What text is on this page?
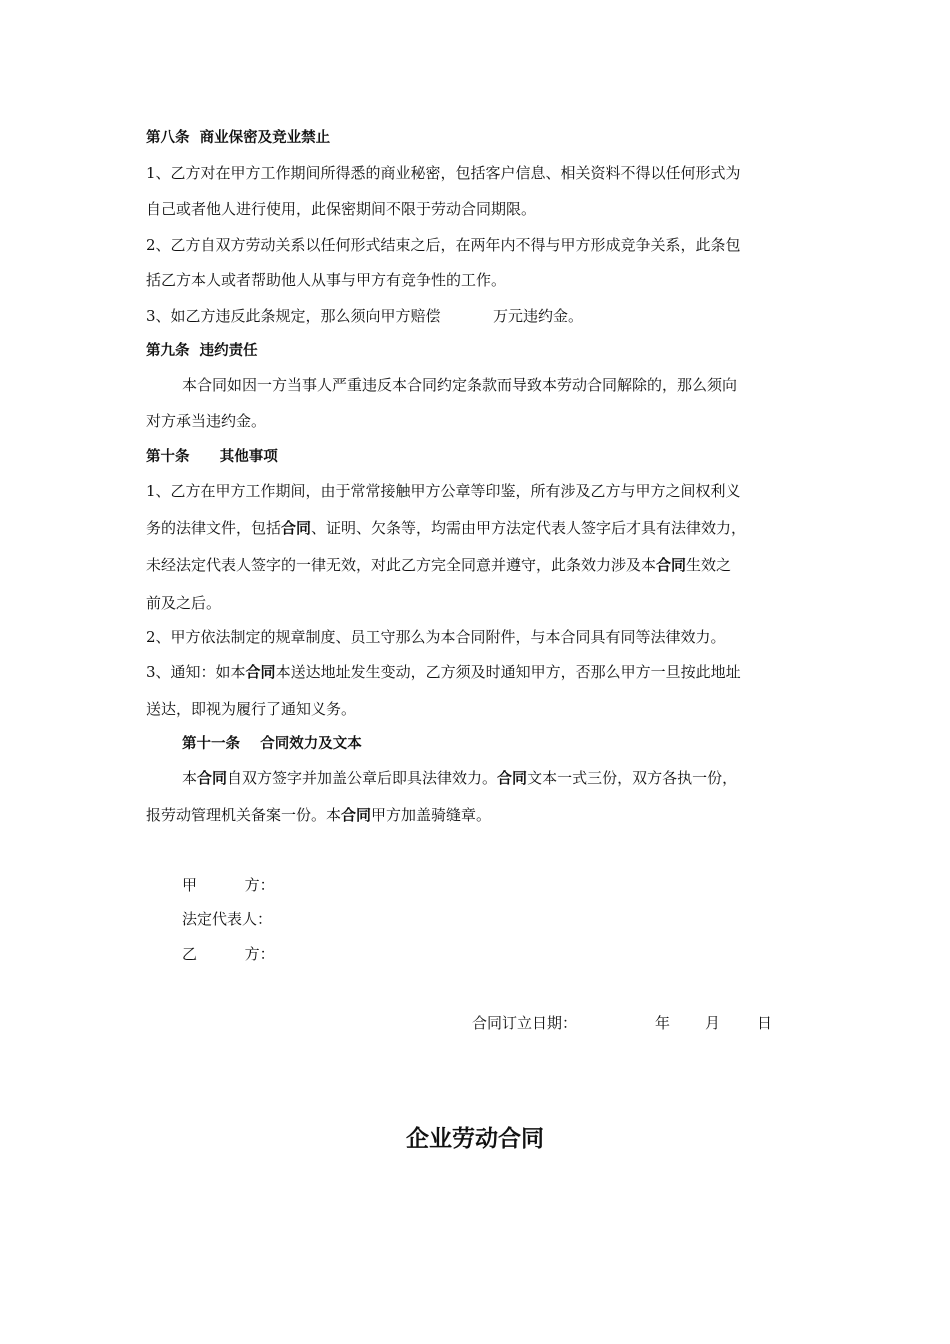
第八条  商业保密及竞业禁止

1、乙方对在甲方工作期间所得悉的商业秘密，包括客户信息、相关资料不得以任何形式为

自己或者他人进行使用，此保密期间不限于劳动合同期限。

2、乙方自双方劳动关系以任何形式结束之后，在两年内不得与甲方形成竞争关系，此条包

括乙方本人或者帮助他人从事与甲方有竞争性的工作。

3、如乙方违反此条规定，那么须向甲方赔偿           万元违约金。

第九条  违约责任

本合同如因一方当事人严重违反本合同约定条款而导致本劳动合同解除的，那么须向

对方承当违约金。

第十条      其他事项

1、乙方在甲方工作期间，由于常常接触甲方公章等印鉴，所有涉及乙方与甲方之间权利义

务的法律文件，包括合同、证明、欠条等，均需由甲方法定代表人签字后才具有法律效力，

未经法定代表人签字的一律无效，对此乙方完全同意并遵守，此条效力涉及本合同生效之

前及之后。

2、甲方依法制定的规章制度、员工守那么为本合同附件，与本合同具有同等法律效力。

3、通知：如本合同本送达地址发生变动，乙方须及时通知甲方，否那么甲方一旦按此地址

送达，即视为履行了通知义务。

第十一条    合同效力及文本

本合同自双方签字并加盖公章后即具法律效力。合同文本一式三份，双方各执一份，

报劳动管理机关备案一份。本合同甲方加盖骑缝章。

甲          方：
法定代表人：
乙          方：

合同订立日期：

	年

月

日

企业劳动合同
